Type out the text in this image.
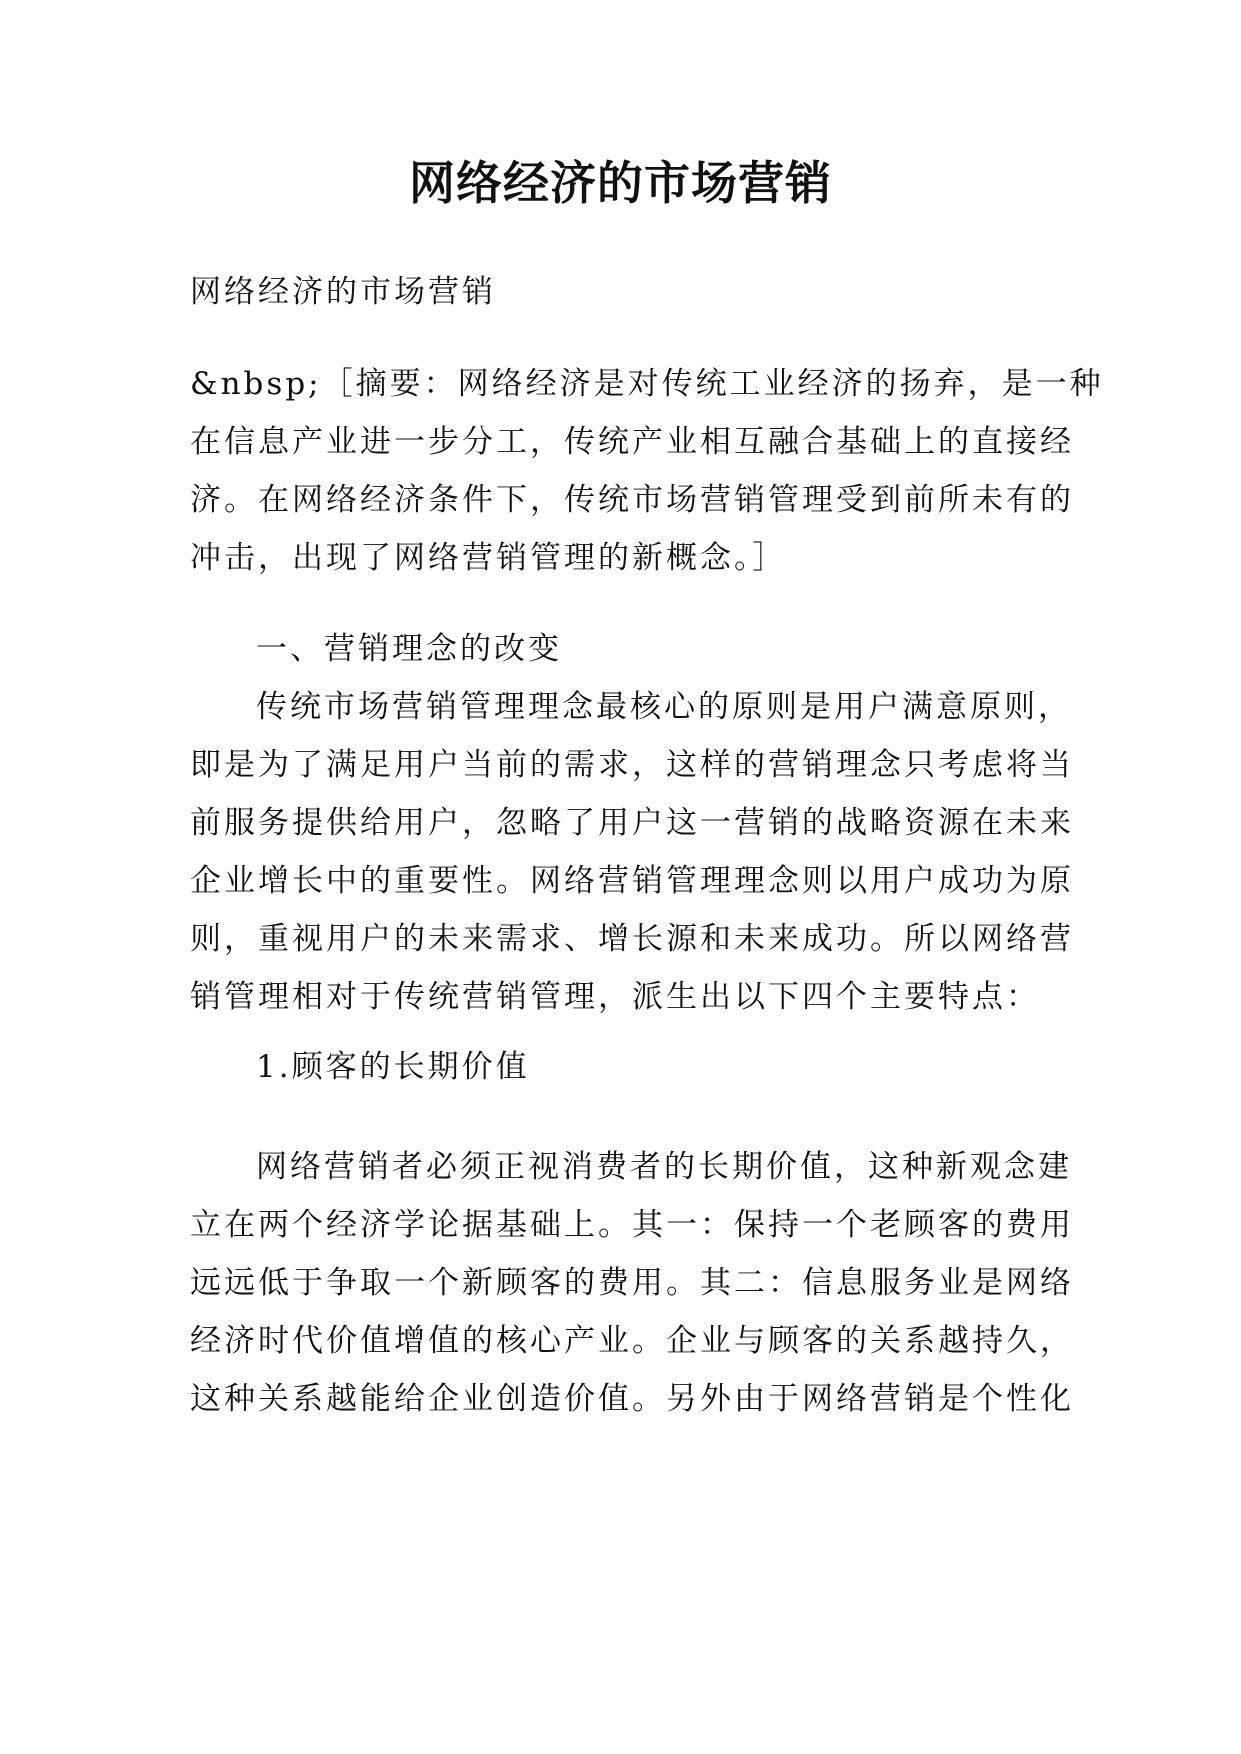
网络经济的市场营销

网络经济的市场营销

&nbsp;［摘要：网络经济是对传统工业经济的扬弃，是一种
在信息产业进一步分工，传统产业相互融合基础上的直接经
济。在网络经济条件下，传统市场营销管理受到前所未有的
冲击，出现了网络营销管理的新概念。］

一、营销理念的改变

传统市场营销管理理念最核心的原则是用户满意原则，
即是为了满足用户当前的需求，这样的营销理念只考虑将当
前服务提供给用户，忽略了用户这一营销的战略资源在未来
企业增长中的重要性。网络营销管理理念则以用户成功为原
则，重视用户的未来需求、增长源和未来成功。所以网络营
销管理相对于传统营销管理，派生出以下四个主要特点：

1.顾客的长期价值

网络营销者必须正视消费者的长期价值，这种新观念建
立在两个经济学论据基础上。其一：保持一个老顾客的费用
远远低于争取一个新顾客的费用。其二：信息服务业是网络
经济时代价值增值的核心产业。企业与顾客的关系越持久，
这种关系越能给企业创造价值。另外由于网络营销是个性化
